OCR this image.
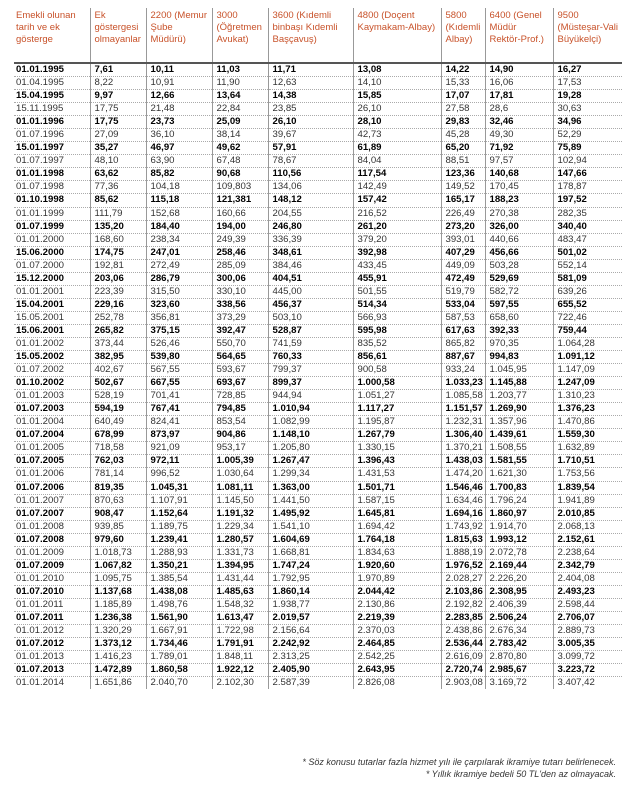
Emekli olunan tarih ve ek gösterge	Ek göstergesi olmayanlar	2200 (Memur Şube Müdürü)	3000 (Öğretmen Avukat)	3600 (Kıdemli binbaşı Kıdemli Başçavuş)	4800 (Doçent Kaymakam-Albay)	5800 (Kıdemli Albay)	6400 (Genel Müdür Rektör-Prof.)	9500 (Müsteşar-Vali Büyükelçi)
01.01.1995	7,61	10,11	11,03	11,71	13,08	14,22	14,90	16,27
01.04.1995	8,22	10,91	11,90	12,63	14,10	15,33	16,06	17,53
15.04.1995	9,97	12,66	13,64	14,38	15,85	17,07	17,81	19,28
15.11.1995	17,75	21,48	22,84	23,85	26,10	27,58	28,6	30,63
01.01.1996	17,75	23,73	25,09	26,10	28,10	29,83	32,46	34,96
01.07.1996	27,09	36,10	38,14	39,67	42,73	45,28	49,30	52,29
15.01.1997	35,27	46,97	49,62	57,91	61,89	65,20	71,92	75,89
01.07.1997	48,10	63,90	67,48	78,67	84,04	88,51	97,57	102,94
01.01.1998	63,62	85,82	90,68	110,56	117,54	123,36	140,68	147,66
01.07.1998	77,36	104,18	109,803	134,06	142,49	149,52	170,45	178,87
01.10.1998	85,62	115,18	121,381	148,12	157,42	165,17	188,23	197,52
01.01.1999	111,79	152,68	160,66	204,55	216,52	226,49	270,38	282,35
01.07.1999	135,20	184,40	194,00	246,80	261,20	273,20	326,00	340,40
01.01.2000	168,60	238,34	249,39	336,39	379,20	393,01	440,66	483,47
15.06.2000	174,75	247,01	258,46	348,61	392,98	407,29	456,66	501,02
01.07.2000	192,81	272,49	285,09	384,46	433,45	449,09	503,28	552,14
15.12.2000	203,06	286,79	300,06	404,51	455,91	472,49	529,69	581,09
01.01.2001	223,39	315,50	330,10	445,00	501,55	519,79	582,72	639,26
15.04.2001	229,16	323,60	338,56	456,37	514,34	533,04	597,55	655,52
15.05.2001	252,78	356,81	373,29	503,10	566,93	587,53	658,60	722,46
15.06.2001	265,82	375,15	392,47	528,87	595,98	617,63	392,33	759,44
01.01.2002	373,44	526,46	550,70	741,59	835,52	865,82	970,35	1.064,28
15.05.2002	382,95	539,80	564,65	760,33	856,61	887,67	994,83	1.091,12
01.07.2002	402,67	567,55	593,67	799,37	900,58	933,24	1.045,95	1.147,09
01.10.2002	502,67	667,55	693,67	899,37	1.000,58	1.033,23	1.145,88	1.247,09
01.01.2003	528,19	701,41	728,85	944,94	1.051,27	1.085,58	1.203,77	1.310,23
01.07.2003	594,19	767,41	794,85	1.010,94	1.117,27	1.151,57	1.269,90	1.376,23
01.01.2004	640,49	824,41	853,54	1.082,99	1.195,87	1.232,31	1.357,96	1.470,86
01.07.2004	678,99	873,97	904,86	1.148,10	1.267,79	1.306,40	1.439,61	1.559,30
01.01.2005	718,58	921,09	953,17	1.205,80	1.330,15	1.370,21	1.508,55	1.632,89
01.07.2005	762,03	972,11	1.005,39	1.267,47	1.396,43	1.438,03	1.581,55	1.710,51
01.01.2006	781,14	996,52	1.030,64	1.299,34	1.431,53	1.474,20	1.621,30	1.753,56
01.07.2006	819,35	1.045,31	1.081,11	1.363,00	1.501,71	1.546,46	1.700,83	1.839,54
01.01.2007	870,63	1.107,91	1.145,50	1.441,50	1.587,15	1.634,46	1.796,24	1.941,89
01.07.2007	908,47	1.152,64	1.191,32	1.495,92	1.645,81	1.694,16	1.860,97	2.010,85
01.01.2008	939,85	1.189,75	1.229,34	1.541,10	1.694,42	1.743,92	1.914,70	2.068,13
01.07.2008	979,60	1.239,41	1.280,57	1.604,69	1.764,18	1.815,63	1.993,12	2.152,61
01.01.2009	1.018,73	1.288,93	1.331,73	1.668,81	1.834,63	1.888,19	2.072,78	2.238,64
01.07.2009	1.067,82	1.350,21	1.394,95	1.747,24	1.920,60	1.976,52	2.169,44	2.342,79
01.01.2010	1.095,75	1.385,54	1.431,44	1.792,95	1.970,89	2.028,27	2.226,20	2.404,08
01.07.2010	1.137,68	1.438,08	1.485,63	1.860,14	2.044,42	2.103,86	2.308,95	2.493,23
01.01.2011	1.185,89	1.498,76	1.548,32	1.938,77	2.130,86	2.192,82	2.406,39	2.598,44
01.07.2011	1.236,38	1.561,90	1.613,47	2.019,57	2.219,39	2.283,85	2.506,24	2.706,07
01.01.2012	1.320,29	1.667,91	1.722,98	2.156,64	2.370,03	2.438,86	2.676,34	2.889,73
01.07.2012	1.373,12	1.734,46	1.791,91	2.242,92	2.464,85	2.536,44	2.783,42	3.005,35
01.01.2013	1.416,23	1.789,01	1.848,11	2.313,25	2.542,25	2.616,09	2.870,80	3.099,72
01.07.2013	1.472,89	1.860,58	1.922,12	2.405,90	2.643,95	2.720,74	2.985,67	3.223,72
01.01.2014	1.651,86	2.040,70	2.102,30	2.587,39	2.826,08	2.903,08	3.169,72	3.407,42
* Söz konusu tutarlar fazla hizmet yılı ile çarpılarak ikramiye tutarı belirlenecek.
* Yıllık ikramiye bedeli 50 TL'den az olmayacak.
